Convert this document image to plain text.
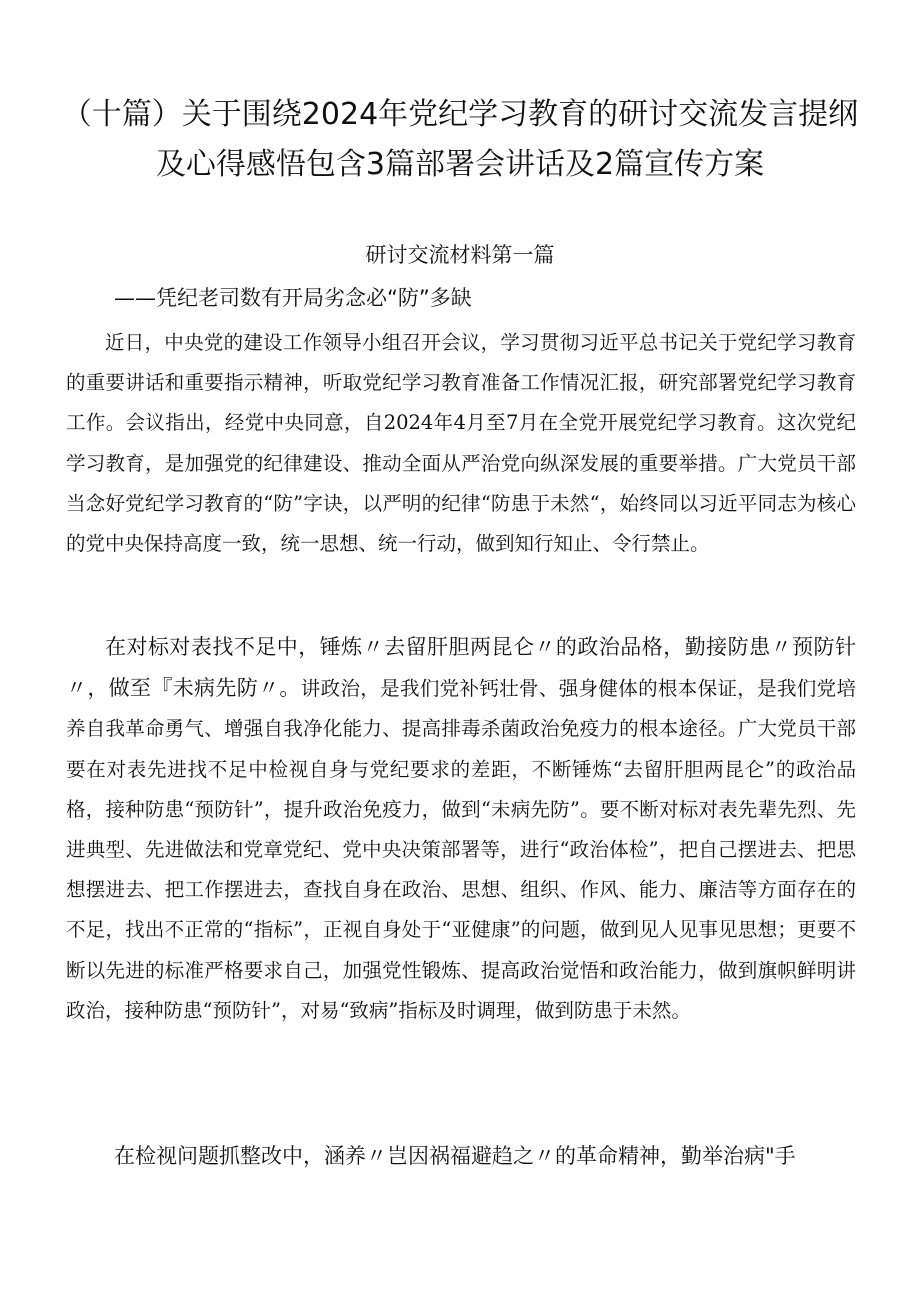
（十篇）关于围绕2024年党纪学习教育的研讨交流发言提纲及心得感悟包含3篇部署会讲话及2篇宣传方案
研讨交流材料第一篇
——凭纪老司数有开局劣念必“防”多缺

近日，中央党的建设工作领导小组召开会议，学习贯彻习近平总书记关于党纪学习教育的重要讲话和重要指示精神，听取党纪学习教育准备工作情况汇报，研究部署党纪学习教育工作。会议指出，经党中央同意，自2024年4月至7月在全党开展党纪学习教育。这次党纪学习教育，是加强党的纪律建设、推动全面从严治党向纵深发展的重要举措。广大党员干部当念好党纪学习教育的“防”字诀，以严明的纪律“防患于未然“，始终同以习近平同志为核心的党中央保持高度一致，统一思想、统一行动，做到知行知止、令行禁止。

在对标对表找不足中，锤炼〃去留肝胆两昆仑〃的政治品格，勤接防患〃预防针〃，做至『未病先防〃。讲政治，是我们党补钙壮骨、强身健体的根本保证，是我们党培养自我革命勇气、增强自我净化能力、提高排毒杀菌政治免疫力的根本途径。广大党员干部要在对表先进找不足中检视自身与党纪要求的差距，不断锤炼“去留肝胆两昆仑”的政治品格，接种防患“预防针”，提升政治免疫力，做到“未病先防”。要不断对标对表先辈先烈、先进典型、先进做法和党章党纪、党中央决策部署等，进行“政治体检”，把自己摆进去、把思想摆进去、把工作摆进去，查找自身在政治、思想、组织、作风、能力、廉洁等方面存在的不足，找出不正常的“指标”，正视自身处于“亚健康”的问题，做到见人见事见思想；更要不断以先进的标准严格要求自己，加强党性锻炼、提高政治觉悟和政治能力，做到旗帜鲜明讲政治，接种防患“预防针”，对易“致病”指标及时调理，做到防患于未然。

在检视问题抓整改中，涵养〃岂因祸福避趋之〃的革命精神，勤举治病"手
